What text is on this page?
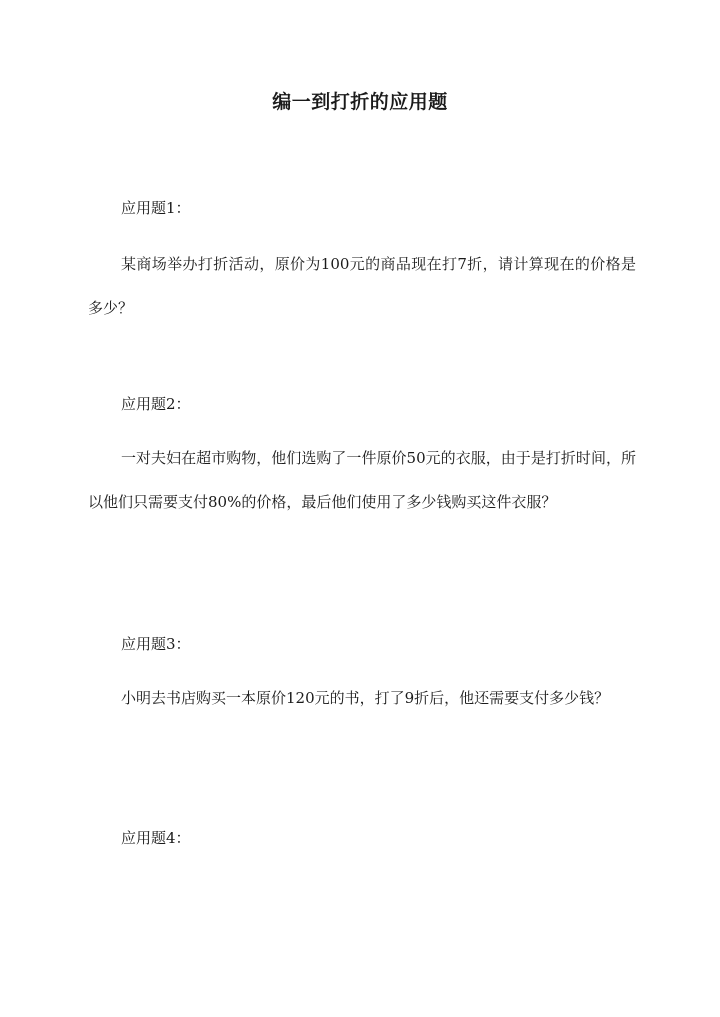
编一到打折的应用题

应用题1：

某商场举办打折活动，原价为100元的商品现在打7折，请计算现在的价格是多少？

应用题2：

一对夫妇在超市购物，他们选购了一件原价50元的衣服，由于是打折时间，所以他们只需要支付80%的价格，最后他们使用了多少钱购买这件衣服？

应用题3：

小明去书店购买一本原价120元的书，打了9折后，他还需要支付多少钱？

应用题4：
